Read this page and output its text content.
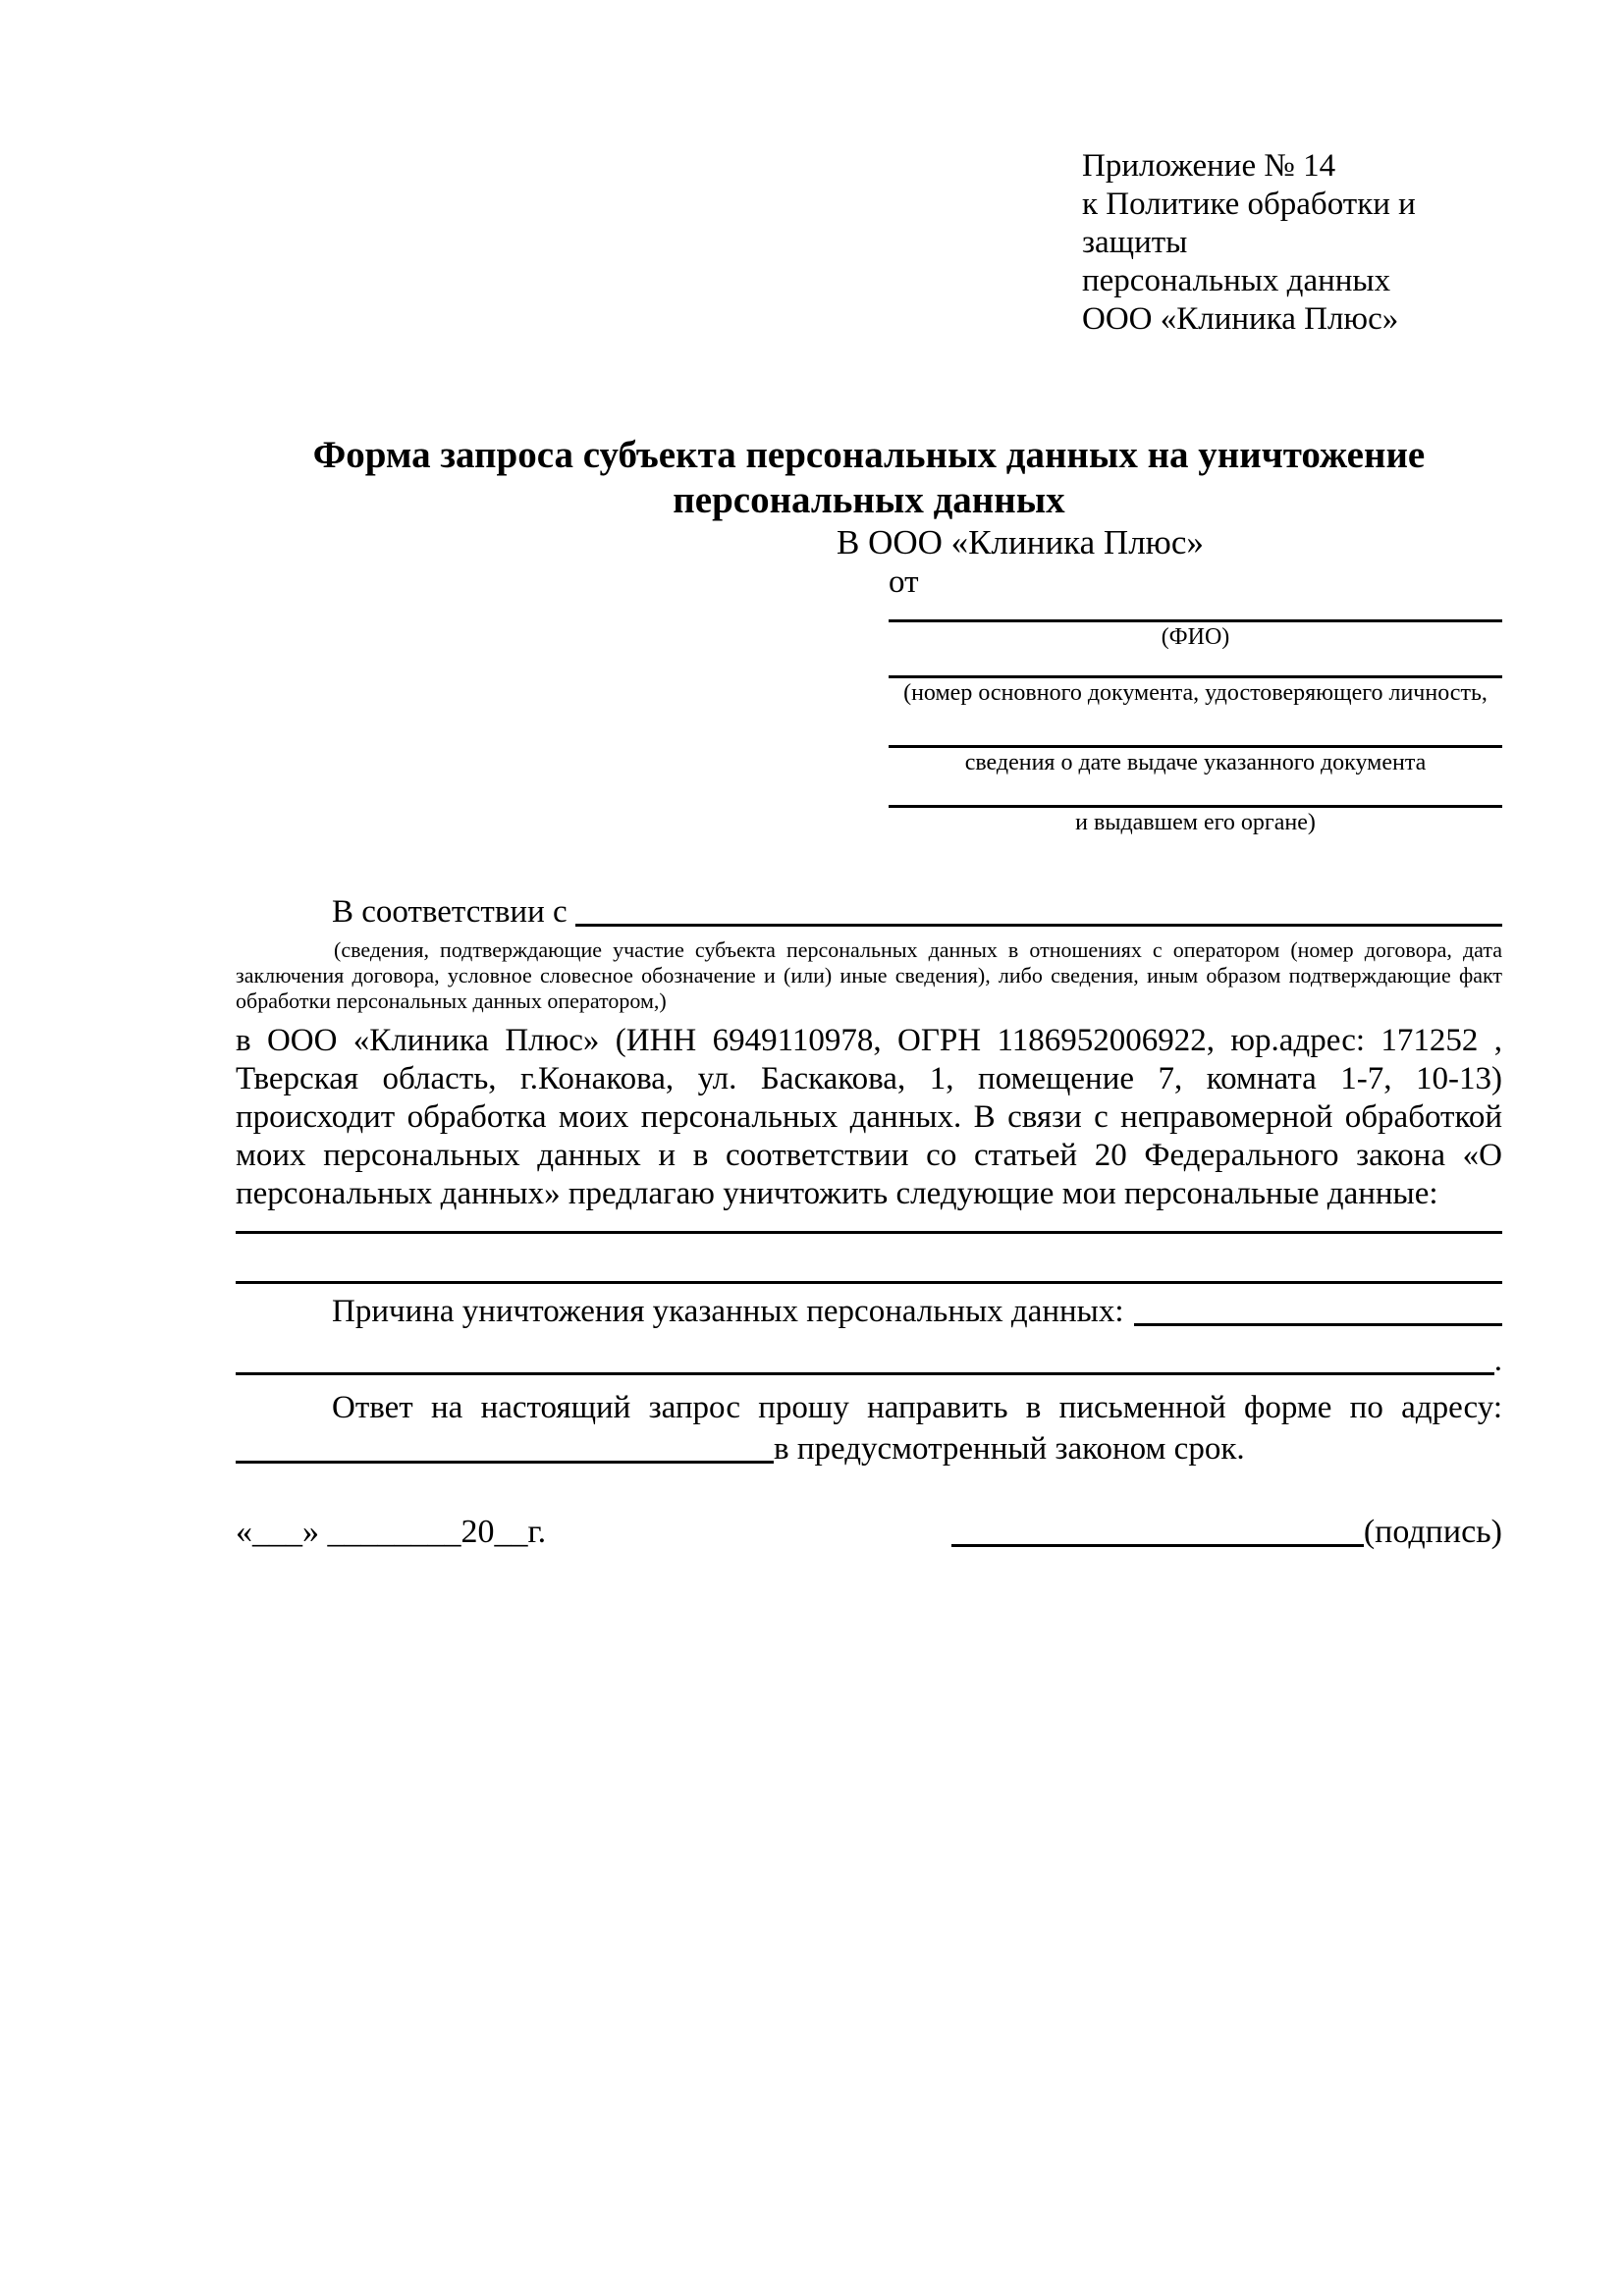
Приложение № 14
к Политике обработки и защиты
персональных данных
ООО «Клиника Плюс»
Форма запроса субъекта персональных данных на уничтожение
персональных данных
В ООО «Клиника Плюс»
от
(ФИО)
(номер основного документа, удостоверяющего личность,
сведения о дате выдаче указанного документа
и выдавшем его органе)
В соответствии с

(сведения, подтверждающие участие субъекта персональных данных в отношениях с оператором (номер договора, дата заключения договора, условное словесное обозначение и (или) иные сведения), либо сведения, иным образом подтверждающие факт обработки персональных данных оператором,)

в ООО «Клиника Плюс» (ИНН 6949110978, ОГРН 1186952006922, юр.адрес: 171252 , Тверская область, г.Конакова, ул. Баскакова, 1, помещение 7, комната 1-7, 10-13) происходит обработка моих персональных данных. В связи с неправомерной обработкой моих персональных данных и в соответствии со статьей 20 Федерального закона «О персональных данных» предлагаю уничтожить следующие мои персональные данные:

Причина уничтожения указанных персональных данных:
.

Ответ на настоящий запрос прошу направить в письменной форме по адресу:

в предусмотренный законом срок.
«___» ________20__г.	(подпись)
